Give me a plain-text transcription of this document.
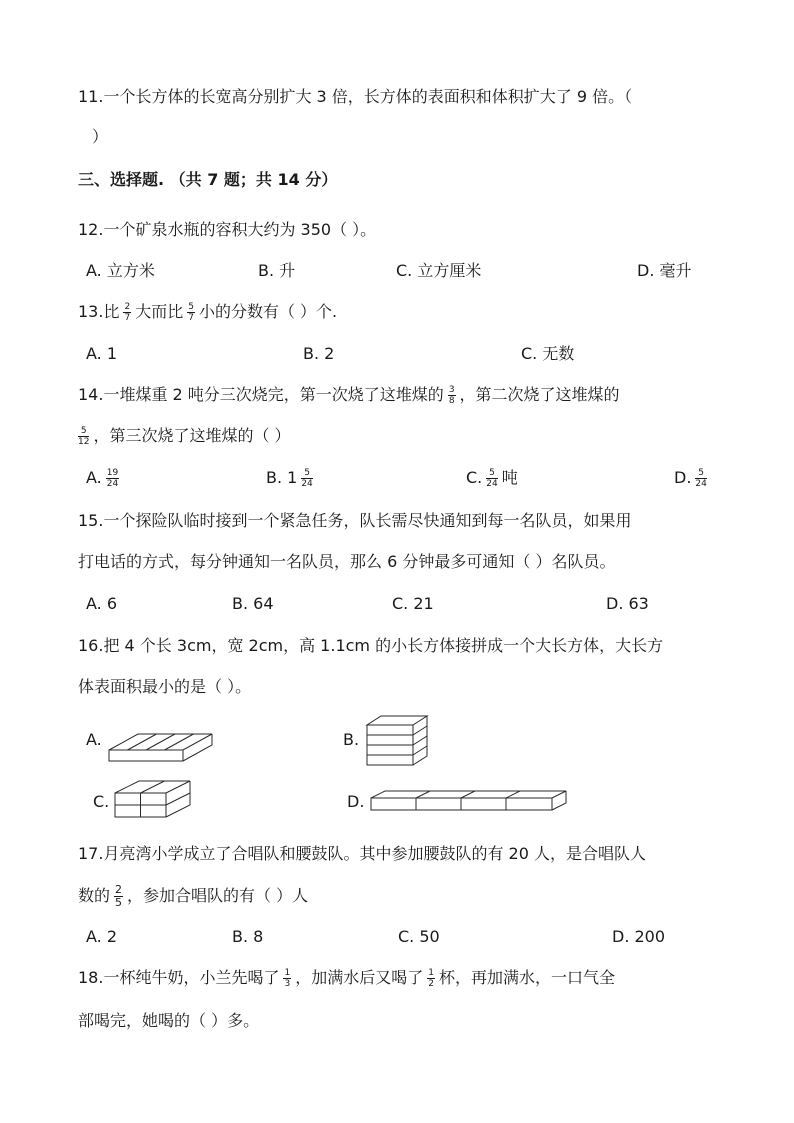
11.一个长方体的长宽高分别扩大 3 倍，长方体的表面积和体积扩大了 9 倍。（
）
三、选择题. （共 7 题；共 14 分）
12.一个矿泉水瓶的容积大约为 350（ ）。
A. 立方米	B. 升	C. 立方厘米	D. 毫升
13.比 $\frac{2}{7}$ 大而比 $\frac{5}{7}$ 小的分数有（ ）个.
A. 1	B. 2	C. 无数
14.一堆煤重 2 吨分三次烧完，第一次烧了这堆煤的 $\frac{3}{8}$ ，第二次烧了这堆煤的
$\frac{5}{12}$ ，第三次烧了这堆煤的（ ）
A. $\frac{19}{24}$	B. $1 \frac{5}{24}$	C. $\frac{5}{24}$ 吨	D. $\frac{5}{24}$
15.一个探险队临时接到一个紧急任务，队长需尽快通知到每一名队员，如果用
打电话的方式，每分钟通知一名队员，那么 6 分钟最多可通知（ ）名队员。
A. 6	B. 64	C. 21	D. 63
16.把 4 个长 3cm，宽 2cm，高 1.1cm 的小长方体接拼成一个大长方体，大长方
体表面积最小的是（ ）。
A.	B.
C.	D.
17.月亮湾小学成立了合唱队和腰鼓队。其中参加腰鼓队的有 20 人，是合唱队人
数的 $\frac{2}{5}$ ，参加合唱队的有（ ）人
A. 2	B. 8	C. 50	D. 200
18.一杯纯牛奶，小兰先喝了 $\frac{1}{3}$ ，加满水后又喝了 $\frac{1}{2}$ 杯，再加满水，一口气全
部喝完，她喝的（ ）多。
